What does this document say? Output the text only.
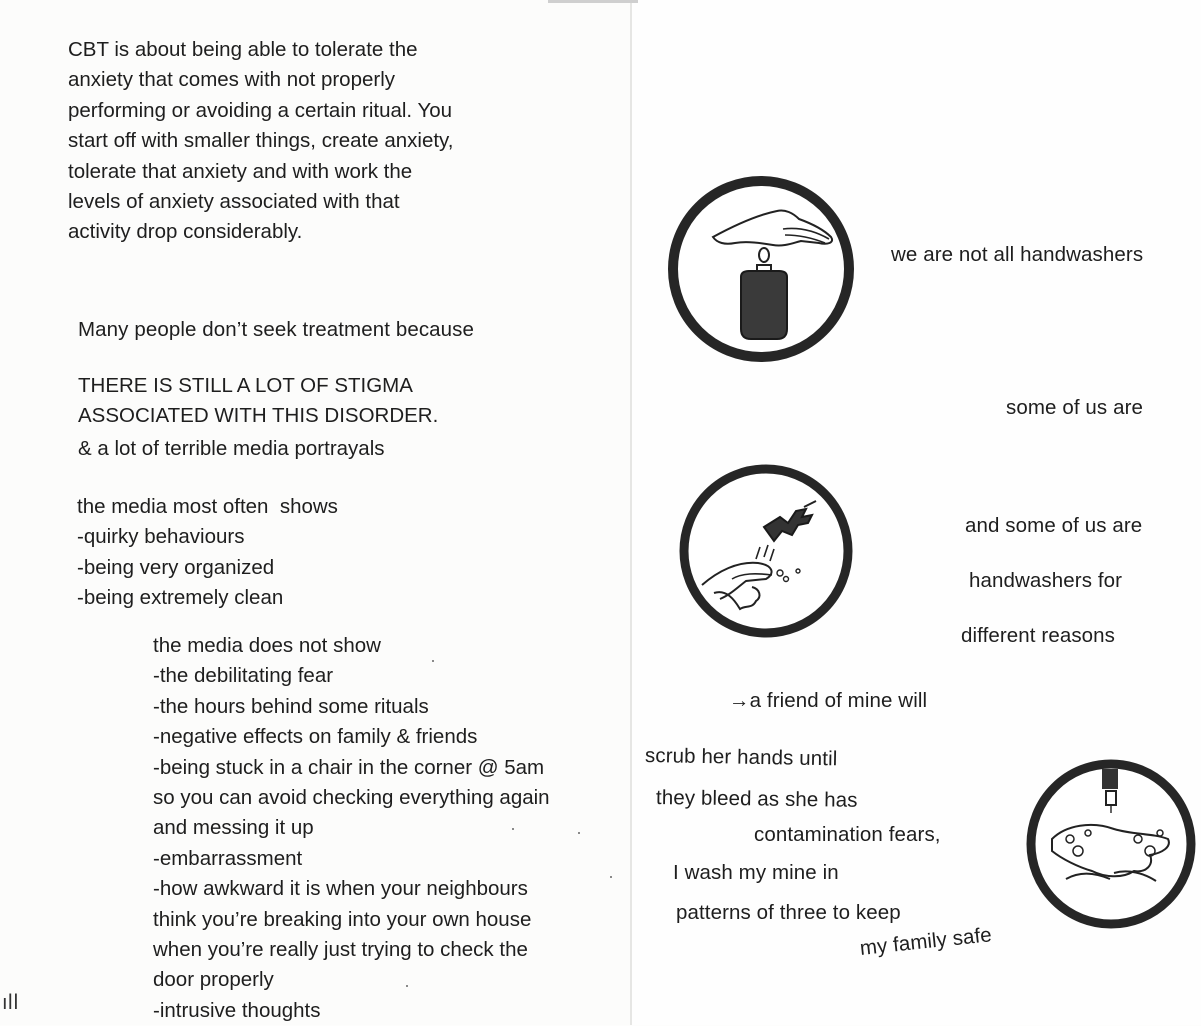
CBT is about being able to tolerate the
anxiety that comes with not properly
performing or avoiding a certain ritual. You
start off with smaller things, create anxiety,
tolerate that anxiety and with work the
levels of anxiety associated with that
activity drop considerably.
Many people don’t seek treatment because
THERE IS STILL A LOT OF STIGMA
ASSOCIATED WITH THIS DISORDER.
& a lot of terrible media portrayals
the media most often  shows
-quirky behaviours
-being very organized
-being extremely clean
the media does not show
-the debilitating fear
-the hours behind some rituals
-negative effects on family & friends
-being stuck in a chair in the corner @ 5am
so you can avoid checking everything again
and messing it up
-embarrassment
-how awkward it is when your neighbours
think you’re breaking into your own house
when you’re really just trying to check the
door properly
-intrusive thoughts
ıll
we are not all handwashers
some of us are
and some of us are
handwashers for
different reasons
→a friend of mine will
scrub her hands until
they bleed as she has
contamination fears,
I wash my mine in
patterns of three to keep
my family safe
